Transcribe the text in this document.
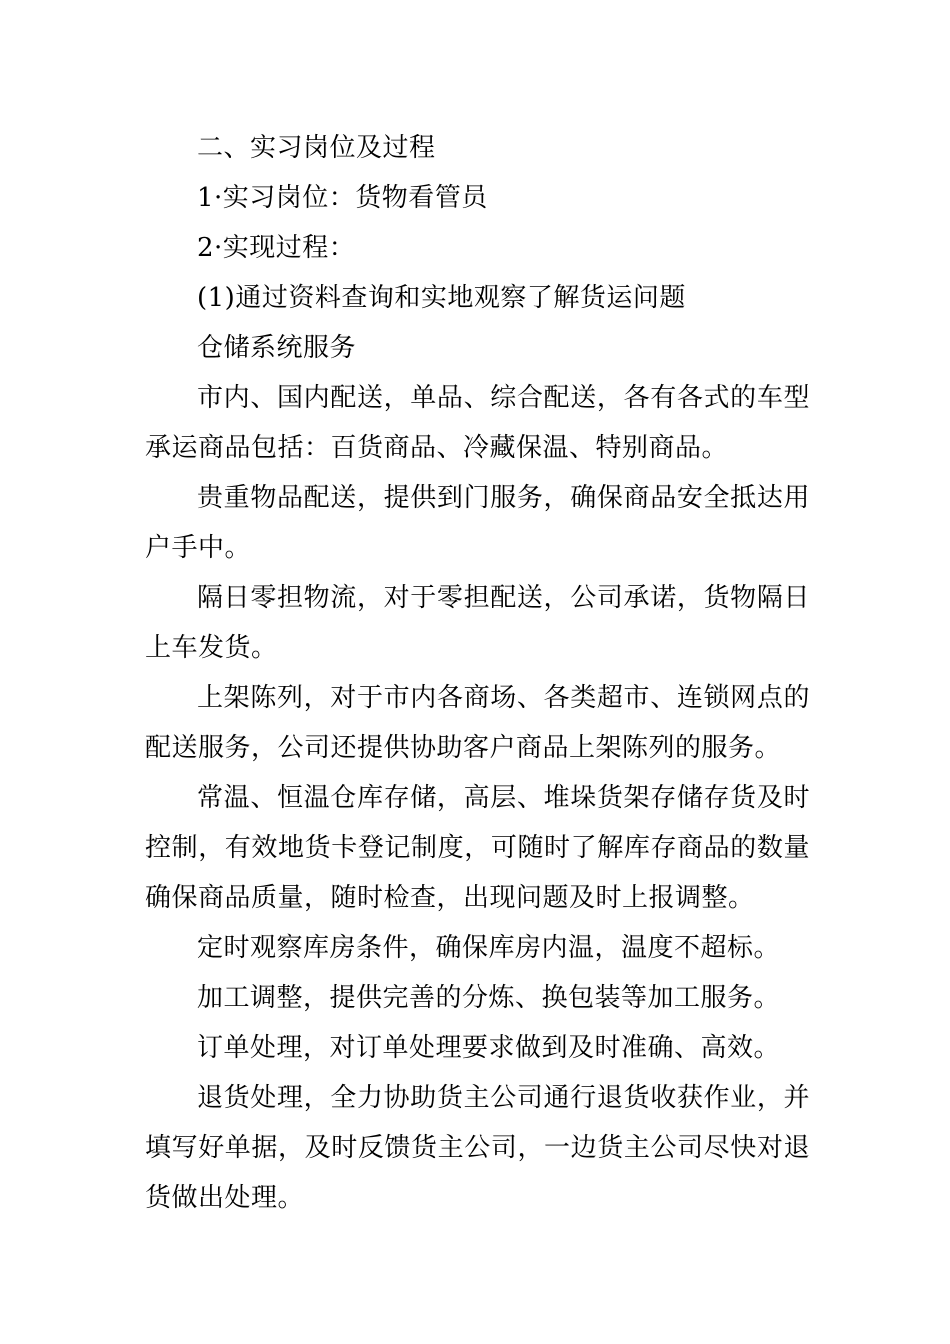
二、实习岗位及过程

1·实习岗位：货物看管员

2·实现过程：

(1)通过资料查询和实地观察了解货运问题

仓储系统服务

市内、国内配送，单品、综合配送，各有各式的车型承运商品包括：百货商品、冷藏保温、特别商品。

贵重物品配送，提供到门服务，确保商品安全抵达用户手中。

隔日零担物流，对于零担配送，公司承诺，货物隔日上车发货。

上架陈列，对于市内各商场、各类超市、连锁网点的配送服务，公司还提供协助客户商品上架陈列的服务。

常温、恒温仓库存储，高层、堆垛货架存储存货及时控制，有效地货卡登记制度，可随时了解库存商品的数量确保商品质量，随时检查，出现问题及时上报调整。

定时观察库房条件，确保库房内温，温度不超标。

加工调整，提供完善的分炼、换包装等加工服务。

订单处理，对订单处理要求做到及时准确、高效。

退货处理，全力协助货主公司通行退货收获作业，并填写好单据，及时反馈货主公司，一边货主公司尽快对退货做出处理。
